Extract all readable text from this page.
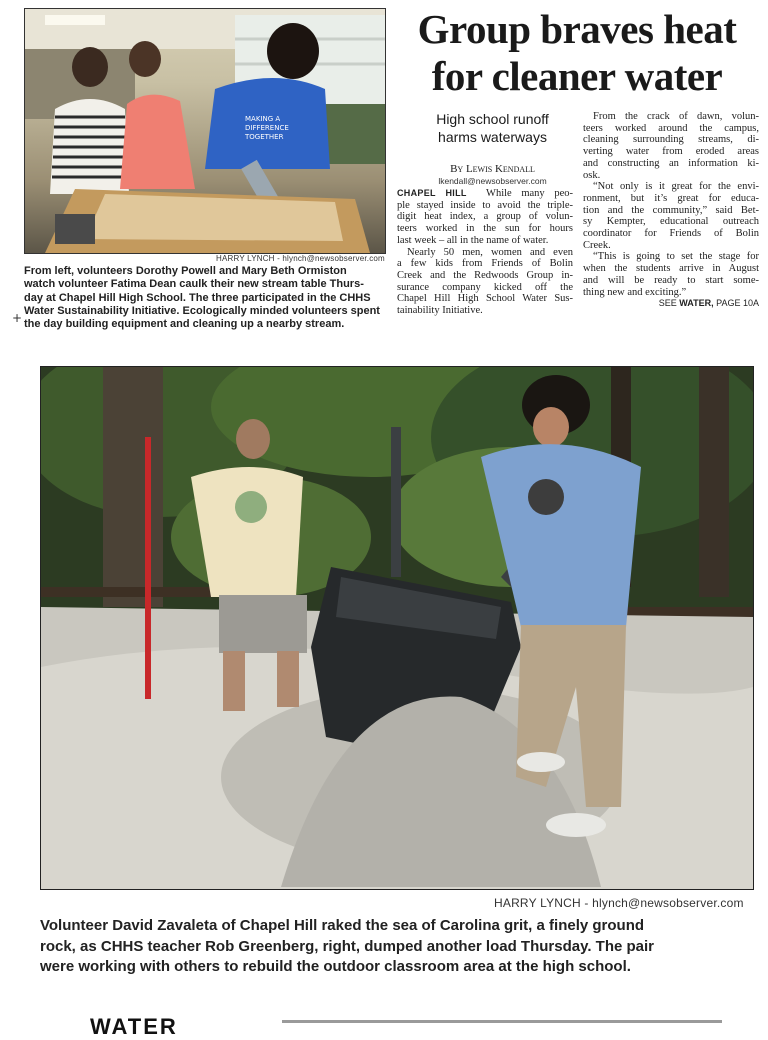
MAKING A
DIFFERENCE
TOGETHER
HARRY LYNCH - hlynch@newsobserver.com
From left, volunteers Dorothy Powell and Mary Beth Ormiston
watch volunteer Fatima Dean caulk their new stream table Thurs-
day at Chapel Hill High School. The three participated in the CHHS
Water Sustainability Initiative. Ecologically minded volunteers spent
the day building equipment and cleaning up a nearby stream.
+
Group braves heat
for cleaner water
High school runoff
harms waterways
By Lewis Kendall
lkendall@newsobserver.com
CHAPEL HILL While many peo-
ple stayed inside to avoid the triple-
digit heat index, a group of volun-
teers worked in the sun for hours
last week – all in the name of water.
Nearly 50 men, women and even
a few kids from Friends of Bolin
Creek and the Redwoods Group in-
surance company kicked off the
Chapel Hill High School Water Sus-
tainability Initiative.
From the crack of dawn, volun-
teers worked around the campus,
cleaning surrounding streams, di-
verting water from eroded areas
and constructing an information ki-
osk.
“Not only is it great for the envi-
ronment, but it’s great for educa-
tion and the community,” said Bet-
sy Kempter, educational outreach
coordinator for Friends of Bolin
Creek.
“This is going to set the stage for
when the students arrive in August
and will be ready to start some-
thing new and exciting.”
SEE WATER, PAGE 10A
HARRY LYNCH - hlynch@newsobserver.com
Volunteer David Zavaleta of Chapel Hill raked the sea of Carolina grit, a finely ground
rock, as CHHS teacher Rob Greenberg, right, dumped another load Thursday. The pair
were working with others to rebuild the outdoor classroom area at the high school.
WATER
